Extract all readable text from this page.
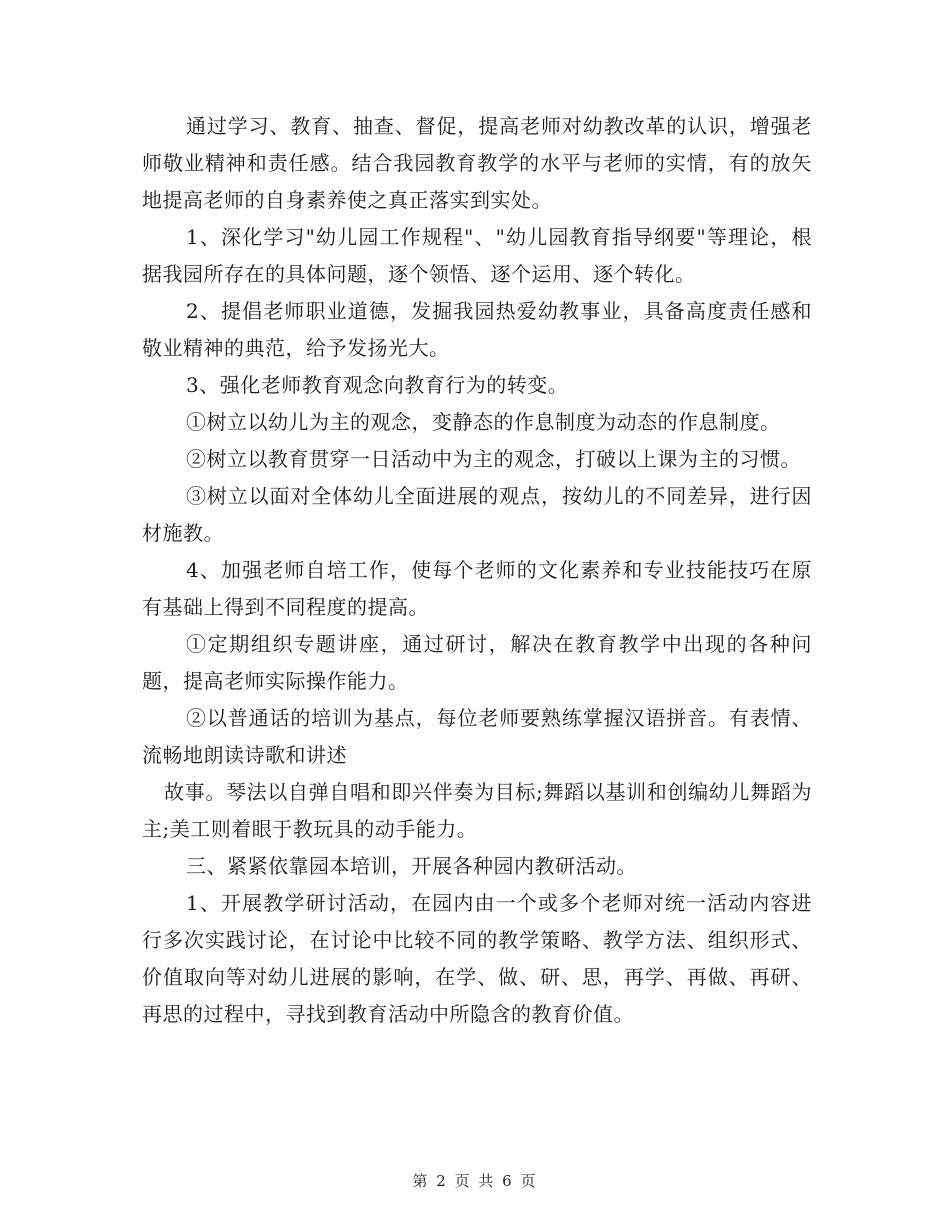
通过学习、教育、抽查、督促，提高老师对幼教改革的认识，增强老师敬业精神和责任感。结合我园教育教学的水平与老师的实情，有的放矢地提高老师的自身素养使之真正落实到实处。

1、深化学习"幼儿园工作规程"、"幼儿园教育指导纲要"等理论，根据我园所存在的具体问题，逐个领悟、逐个运用、逐个转化。

2、提倡老师职业道德，发掘我园热爱幼教事业，具备高度责任感和敬业精神的典范，给予发扬光大。

3、强化老师教育观念向教育行为的转变。

①树立以幼儿为主的观念，变静态的作息制度为动态的作息制度。

②树立以教育贯穿一日活动中为主的观念，打破以上课为主的习惯。

③树立以面对全体幼儿全面进展的观点，按幼儿的不同差异，进行因材施教。

4、加强老师自培工作，使每个老师的文化素养和专业技能技巧在原有基础上得到不同程度的提高。

①定期组织专题讲座，通过研讨，解决在教育教学中出现的各种问题，提高老师实际操作能力。

②以普通话的培训为基点，每位老师要熟练掌握汉语拼音。有表情、流畅地朗读诗歌和讲述

故事。琴法以自弹自唱和即兴伴奏为目标;舞蹈以基训和创编幼儿舞蹈为主;美工则着眼于教玩具的动手能力。

三、紧紧依靠园本培训，开展各种园内教研活动。

1、开展教学研讨活动，在园内由一个或多个老师对统一活动内容进行多次实践讨论，在讨论中比较不同的教学策略、教学方法、组织形式、价值取向等对幼儿进展的影响，在学、做、研、思，再学、再做、再研、再思的过程中，寻找到教育活动中所隐含的教育价值。

第 2 页 共 6 页
